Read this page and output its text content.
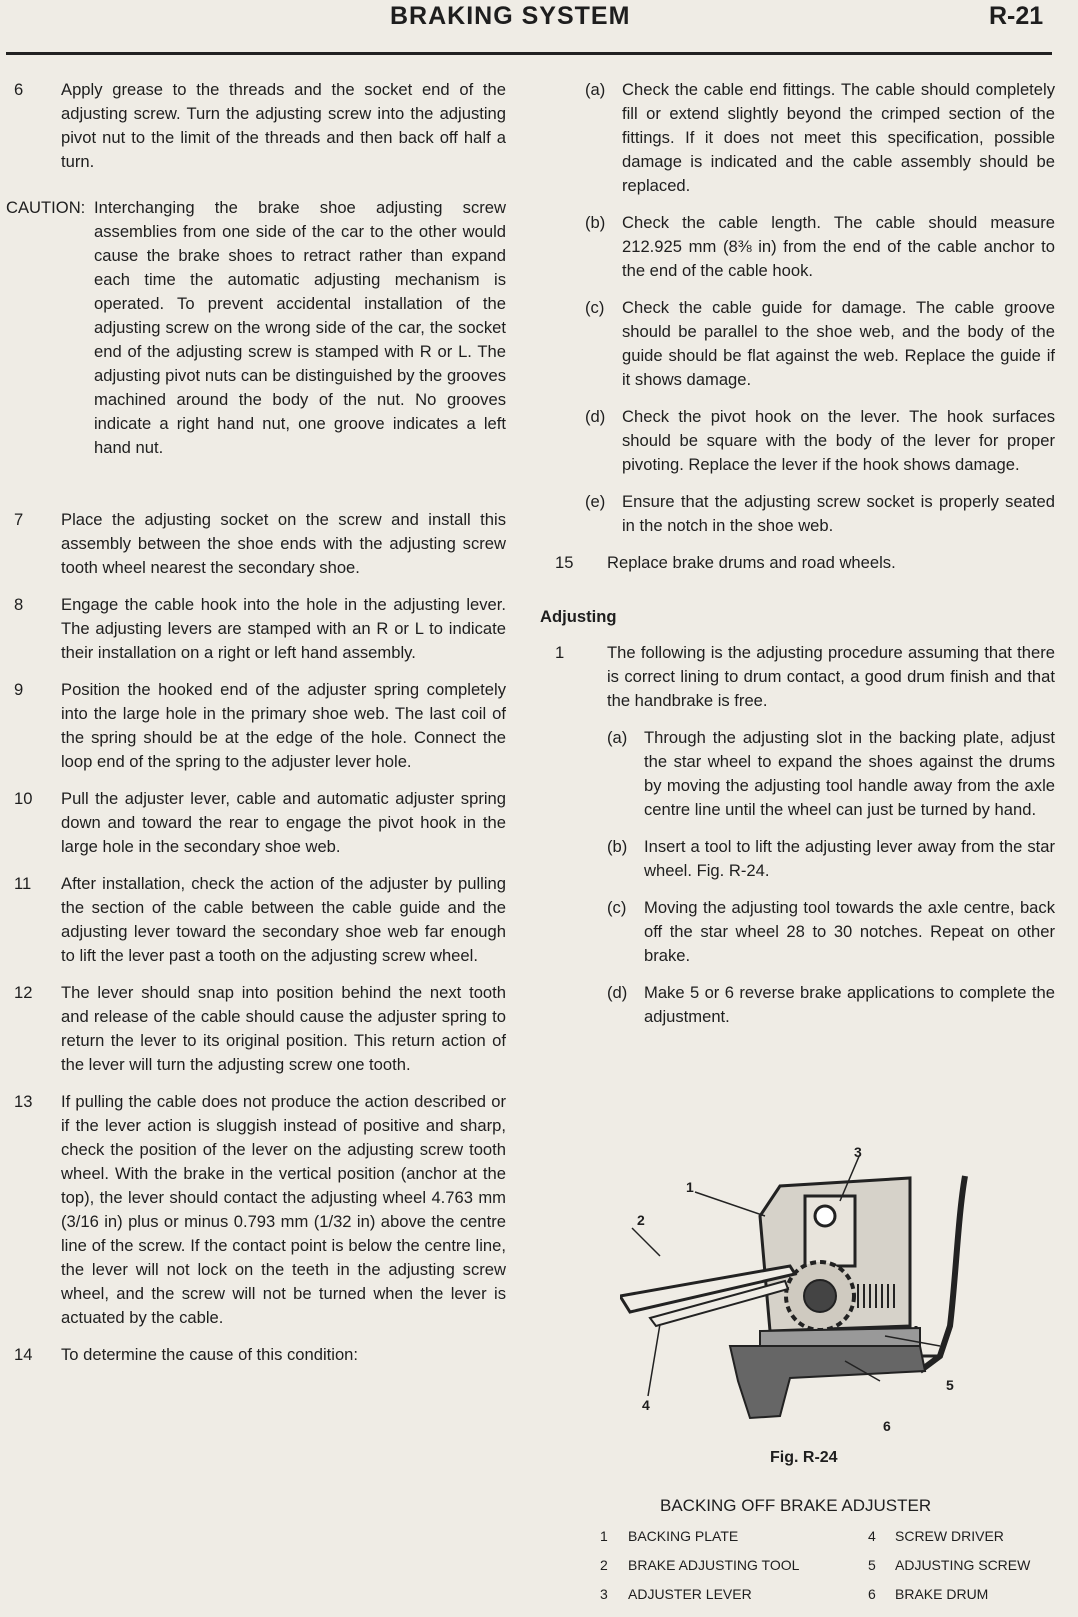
BRAKING SYSTEM	R-21
6 Apply grease to the threads and the socket end of the adjusting screw. Turn the adjusting screw into the adjusting pivot nut to the limit of the threads and then back off half a turn.
CAUTION: Interchanging the brake shoe adjusting screw assemblies from one side of the car to the other would cause the brake shoes to retract rather than expand each time the automatic adjusting mechanism is operated. To prevent accidental installation of the adjusting screw on the wrong side of the car, the socket end of the adjusting screw is stamped with R or L. The adjusting pivot nuts can be distinguished by the grooves machined around the body of the nut. No grooves indicate a right hand nut, one groove indicates a left hand nut.
7 Place the adjusting socket on the screw and install this assembly between the shoe ends with the adjusting screw tooth wheel nearest the secondary shoe.
8 Engage the cable hook into the hole in the adjusting lever. The adjusting levers are stamped with an R or L to indicate their installation on a right or left hand assembly.
9 Position the hooked end of the adjuster spring completely into the large hole in the primary shoe web. The last coil of the spring should be at the edge of the hole. Connect the loop end of the spring to the adjuster lever hole.
10 Pull the adjuster lever, cable and automatic adjuster spring down and toward the rear to engage the pivot hook in the large hole in the secondary shoe web.
11 After installation, check the action of the adjuster by pulling the section of the cable between the cable guide and the adjusting lever toward the secondary shoe web far enough to lift the lever past a tooth on the adjusting screw wheel.
12 The lever should snap into position behind the next tooth and release of the cable should cause the adjuster spring to return the lever to its original position. This return action of the lever will turn the adjusting screw one tooth.
13 If pulling the cable does not produce the action described or if the lever action is sluggish instead of positive and sharp, check the position of the lever on the adjusting screw tooth wheel. With the brake in the vertical position (anchor at the top), the lever should contact the adjusting wheel 4.763 mm (3/16 in) plus or minus 0.793 mm (1/32 in) above the centre line of the screw. If the contact point is below the centre line, the lever will not lock on the teeth in the adjusting screw wheel, and the screw will not be turned when the lever is actuated by the cable.
14 To determine the cause of this condition:
(a) Check the cable end fittings. The cable should completely fill or extend slightly beyond the crimped section of the fittings. If it does not meet this specification, possible damage is indicated and the cable assembly should be replaced.
(b) Check the cable length. The cable should measure 212.925 mm (8⅜ in) from the end of the cable anchor to the end of the cable hook.
(c) Check the cable guide for damage. The cable groove should be parallel to the shoe web, and the body of the guide should be flat against the web. Replace the guide if it shows damage.
(d) Check the pivot hook on the lever. The hook surfaces should be square with the body of the lever for proper pivoting. Replace the lever if the hook shows damage.
(e) Ensure that the adjusting screw socket is properly seated in the notch in the shoe web.
15 Replace brake drums and road wheels.
Adjusting
1	The following is the adjusting procedure assuming that there is correct lining to drum contact, a good drum finish and that the handbrake is free.
(a) Through the adjusting slot in the backing plate, adjust the star wheel to expand the shoes against the drums by moving the adjusting tool handle away from the axle centre line until the wheel can just be turned by hand.
(b) Insert a tool to lift the adjusting lever away from the star wheel. Fig. R-24.
(c) Moving the adjusting tool towards the axle centre, back off the star wheel 28 to 30 notches. Repeat on other brake.
(d) Make 5 or 6 reverse brake applications to complete the adjustment.
1
2
3
4
5
6
Fig. R-24
BACKING OFF BRAKE ADJUSTER
1	BACKING PLATE	4	SCREW DRIVER
2	BRAKE ADJUSTING TOOL	5	ADJUSTING SCREW
3	ADJUSTER LEVER	6	BRAKE DRUM
